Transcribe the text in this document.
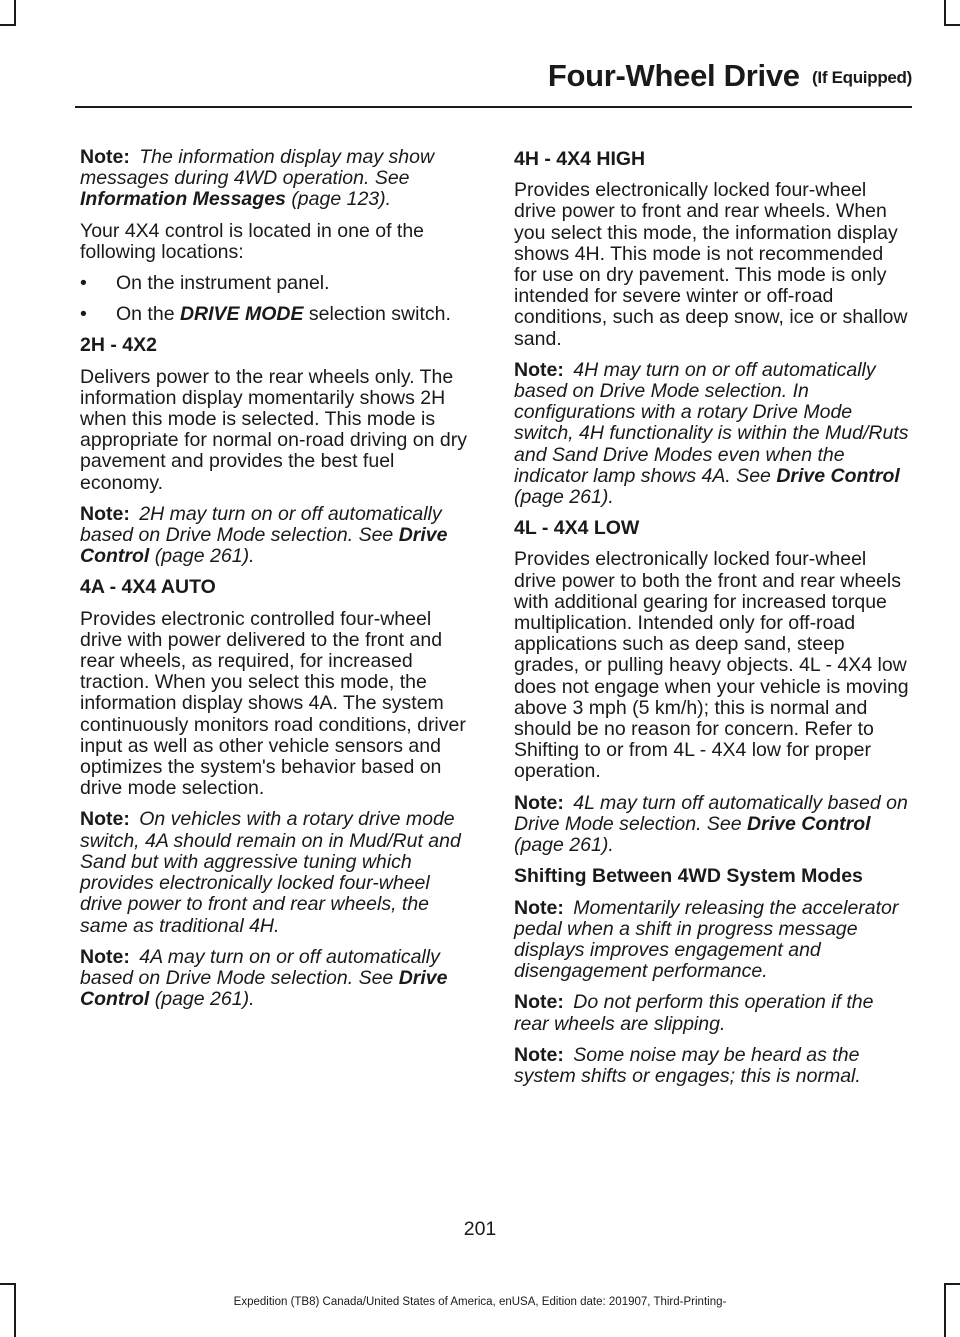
Four-Wheel Drive (If Equipped)

Note: The information display may show messages during 4WD operation. See Information Messages (page 123).

Your 4X4 control is located in one of the following locations:

• On the instrument panel.
• On the DRIVE MODE selection switch.
2H - 4X2

Delivers power to the rear wheels only. The information display momentarily shows 2H when this mode is selected. This mode is appropriate for normal on-road driving on dry pavement and provides the best fuel economy.

Note: 2H may turn on or off automatically based on Drive Mode selection. See Drive Control (page 261).

4A - 4X4 AUTO

Provides electronic controlled four-wheel drive with power delivered to the front and rear wheels, as required, for increased traction. When you select this mode, the information display shows 4A. The system continuously monitors road conditions, driver input as well as other vehicle sensors and optimizes the system's behavior based on drive mode selection.

Note: On vehicles with a rotary drive mode switch, 4A should remain on in Mud/Rut and Sand but with aggressive tuning which provides electronically locked four-wheel drive power to front and rear wheels, the same as traditional 4H.

Note: 4A may turn on or off automatically based on Drive Mode selection. See Drive Control (page 261).

4H - 4X4 HIGH

Provides electronically locked four-wheel drive power to front and rear wheels. When you select this mode, the information display shows 4H. This mode is not recommended for use on dry pavement. This mode is only intended for severe winter or off-road conditions, such as deep snow, ice or shallow sand.

Note: 4H may turn on or off automatically based on Drive Mode selection. In configurations with a rotary Drive Mode switch, 4H functionality is within the Mud/Ruts and Sand Drive Modes even when the indicator lamp shows 4A. See Drive Control (page 261).

4L - 4X4 LOW

Provides electronically locked four-wheel drive power to both the front and rear wheels with additional gearing for increased torque multiplication. Intended only for off-road applications such as deep sand, steep grades, or pulling heavy objects. 4L - 4X4 low does not engage when your vehicle is moving above 3 mph (5 km/h); this is normal and should be no reason for concern. Refer to Shifting to or from 4L - 4X4 low for proper operation.

Note: 4L may turn off automatically based on Drive Mode selection. See Drive Control (page 261).

Shifting Between 4WD System Modes

Note: Momentarily releasing the accelerator pedal when a shift in progress message displays improves engagement and disengagement performance.

Note: Do not perform this operation if the rear wheels are slipping.

Note: Some noise may be heard as the system shifts or engages; this is normal.

201
Expedition (TB8) Canada/United States of America, enUSA, Edition date: 201907, Third-Printing-
